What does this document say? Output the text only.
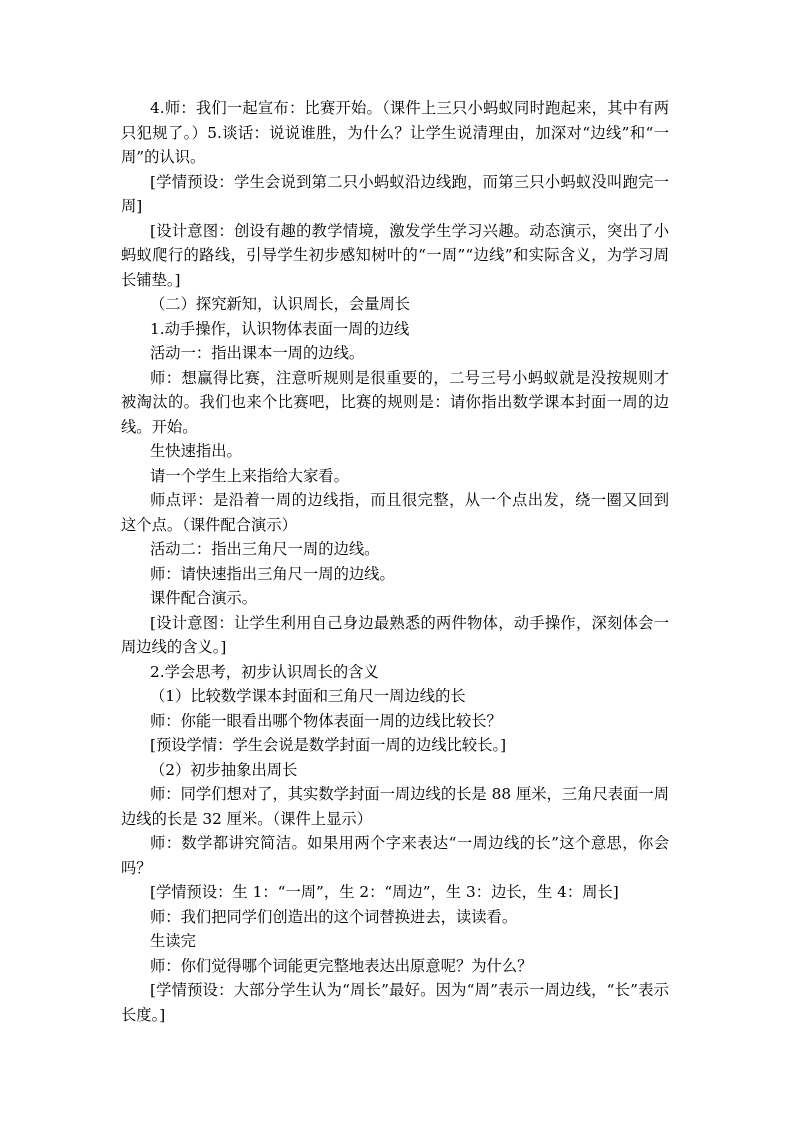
4.师：我们一起宣布：比赛开始。（课件上三只小蚂蚁同时跑起来，其中有两只犯规了。）5.谈话：说说谁胜，为什么？让学生说清理由，加深对“边线”和“一周”的认识。

[学情预设：学生会说到第二只小蚂蚁沿边线跑，而第三只小蚂蚁没叫跑完一周]

[设计意图：创设有趣的教学情境，激发学生学习兴趣。动态演示，突出了小蚂蚁爬行的路线，引导学生初步感知树叶的“一周”“边线”和实际含义，为学习周长铺垫。]

（二）探究新知，认识周长，会量周长

1.动手操作，认识物体表面一周的边线

活动一：指出课本一周的边线。

师：想赢得比赛，注意听规则是很重要的，二号三号小蚂蚁就是没按规则才被淘汰的。我们也来个比赛吧，比赛的规则是：请你指出数学课本封面一周的边线。开始。

生快速指出。

请一个学生上来指给大家看。

师点评：是沿着一周的边线指，而且很完整，从一个点出发，绕一圈又回到这个点。（课件配合演示）

活动二：指出三角尺一周的边线。

师：请快速指出三角尺一周的边线。

课件配合演示。

[设计意图：让学生利用自己身边最熟悉的两件物体，动手操作，深刻体会一周边线的含义。]

2.学会思考，初步认识周长的含义

（1）比较数学课本封面和三角尺一周边线的长

师：你能一眼看出哪个物体表面一周的边线比较长？

[预设学情：学生会说是数学封面一周的边线比较长。]

（2）初步抽象出周长

师：同学们想对了，其实数学封面一周边线的长是 88 厘米，三角尺表面一周边线的长是 32 厘米。（课件上显示）

师：数学都讲究简洁。如果用两个字来表达“一周边线的长”这个意思，你会吗？

[学情预设：生 1：“一周”，生 2：“周边”，生 3：边长，生 4：周长]

师：我们把同学们创造出的这个词替换进去，读读看。

生读完

师：你们觉得哪个词能更完整地表达出原意呢？为什么？

[学情预设：大部分学生认为“周长”最好。因为“周”表示一周边线，“长”表示长度。]
